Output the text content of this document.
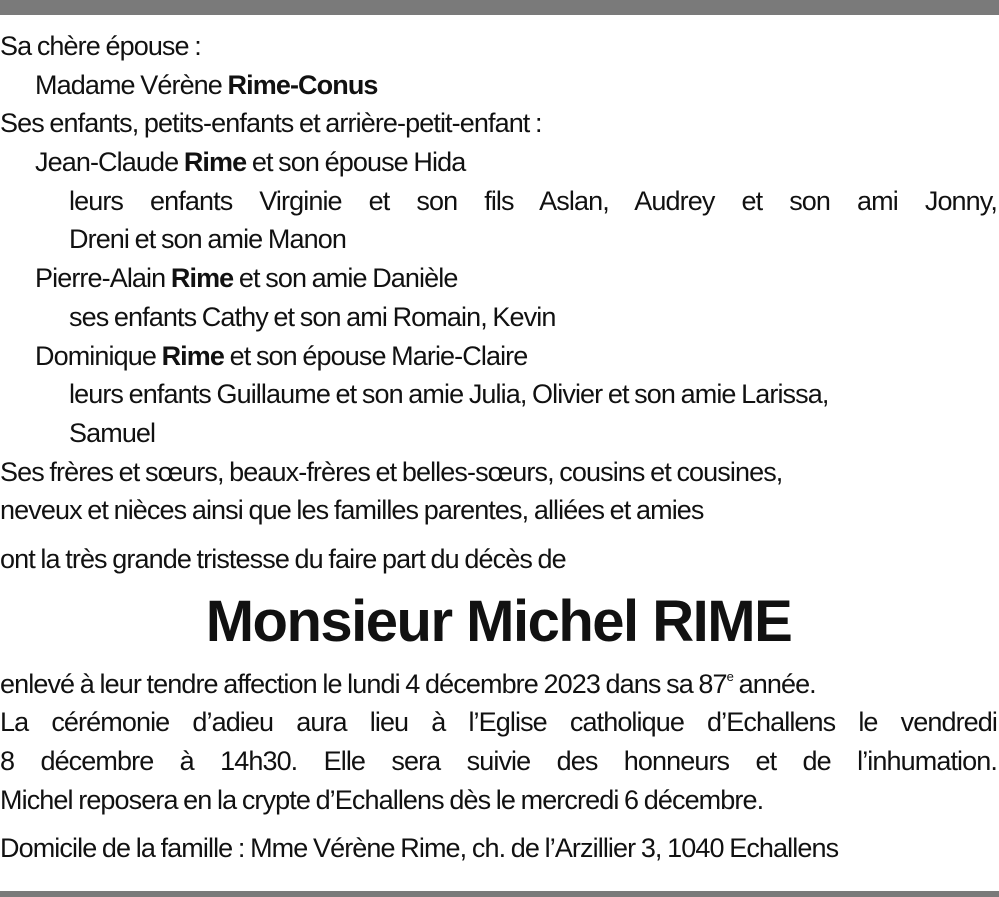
Sa chère épouse :
Madame Vérène Rime-Conus
Ses enfants, petits-enfants et arrière-petit-enfant :
Jean-Claude Rime et son épouse Hida
leurs enfants Virginie et son fils Aslan, Audrey et son ami Jonny,
Dreni et son amie Manon
Pierre-Alain Rime et son amie Danièle
ses enfants Cathy et son ami Romain, Kevin
Dominique Rime et son épouse Marie-Claire
leurs enfants Guillaume et son amie Julia, Olivier et son amie Larissa,
Samuel
Ses frères et sœurs, beaux-frères et belles-sœurs, cousins et cousines,
neveux et nièces ainsi que les familles parentes, alliées et amies
ont la très grande tristesse du faire part du décès de
Monsieur Michel RIME
enlevé à leur tendre affection le lundi 4 décembre 2023 dans sa 87e année.
La cérémonie d’adieu aura lieu à l’Eglise catholique d’Echallens le vendredi
8 décembre à 14h30. Elle sera suivie des honneurs et de l’inhumation.
Michel reposera en la crypte d’Echallens dès le mercredi 6 décembre.
Domicile de la famille : Mme Vérène Rime, ch. de l’Arzillier 3, 1040 Echallens
